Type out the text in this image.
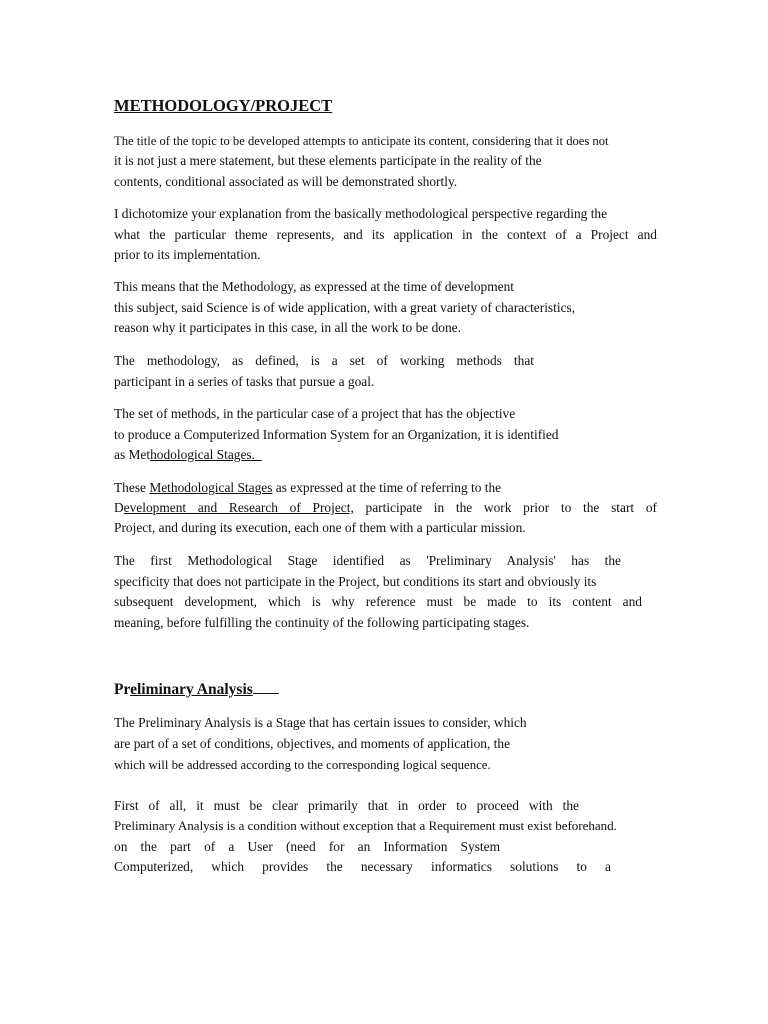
METHODOLOGY/PROJECT
The title of the topic to be developed attempts to anticipate its content, considering that it does not
it is not just a mere statement, but these elements participate in the reality of the
contents, conditional associated as will be demonstrated shortly.
I dichotomize your explanation from the basically methodological perspective regarding the
what the particular theme represents, and its application in the context of a Project and
prior to its implementation.
This means that the Methodology, as expressed at the time of development
this subject, said Science is of wide application, with a great variety of characteristics,
reason why it participates in this case, in all the work to be done.
The methodology, as defined, is a set of working methods that
participant in a series of tasks that pursue a goal.
The set of methods, in the particular case of a project that has the objective
to produce a Computerized Information System for an Organization, it is identified
as Methodological Stages.
These Methodological Stages as expressed at the time of referring to the
Development and Research of Project, participate in the work prior to the start of
Project, and during its execution, each one of them with a particular mission.
The first Methodological Stage identified as 'Preliminary Analysis' has the
specificity that does not participate in the Project, but conditions its start and obviously its
subsequent development, which is why reference must be made to its content and
meaning, before fulfilling the continuity of the following participating stages.
Preliminary Analysis
The Preliminary Analysis is a Stage that has certain issues to consider, which
are part of a set of conditions, objectives, and moments of application, the
which will be addressed according to the corresponding logical sequence.
First of all, it must be clear primarily that in order to proceed with the
Preliminary Analysis is a condition without exception that a Requirement must exist beforehand.
on the part of a User (need for an Information System
Computerized, which provides the necessary informatics solutions to a
